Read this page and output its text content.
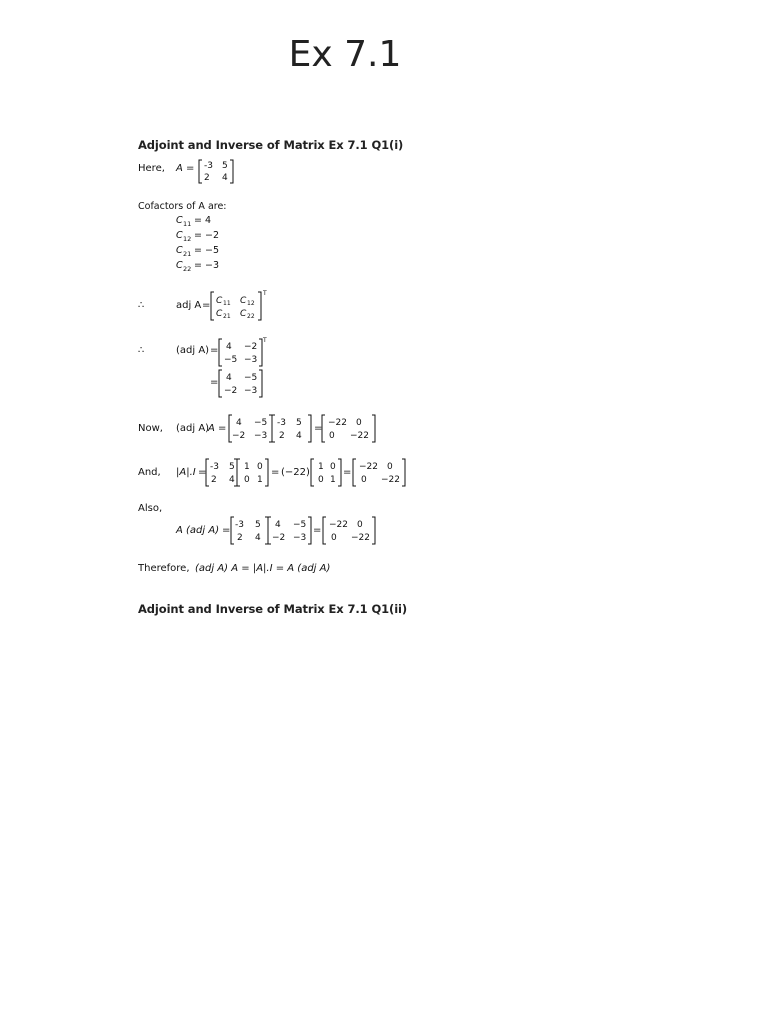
Ex 7.1
Adjoint and Inverse of Matrix Ex 7.1 Q1(i)
Here, A = -3 5
2 4
Cofactors of A are:
C 11 = 4
C 12 = −2
C 21 = −5
C 22 = −3
∴	adj A = C 11 C 12
C 21 C 22
T
∴	(adj A) = 4 −2
−5 −3
T
= 4 −5
−2 −3
Now, (adj A)
A = 4 −5
−2 −3
-3 5
2 4
= −22 0
0 −22
And, |A|.I = -3 5
2 4
1 0
0 1
= (−22) 1 0
0 1
= −22 0
0 −22
Also,
A (adj A) = -3 5
2 4
4 −5
−2 −3
= −22 0
0 −22
Therefore, (adj A) A = |A|.I = A (adj A)
Adjoint and Inverse of Matrix Ex 7.1 Q1(ii)
